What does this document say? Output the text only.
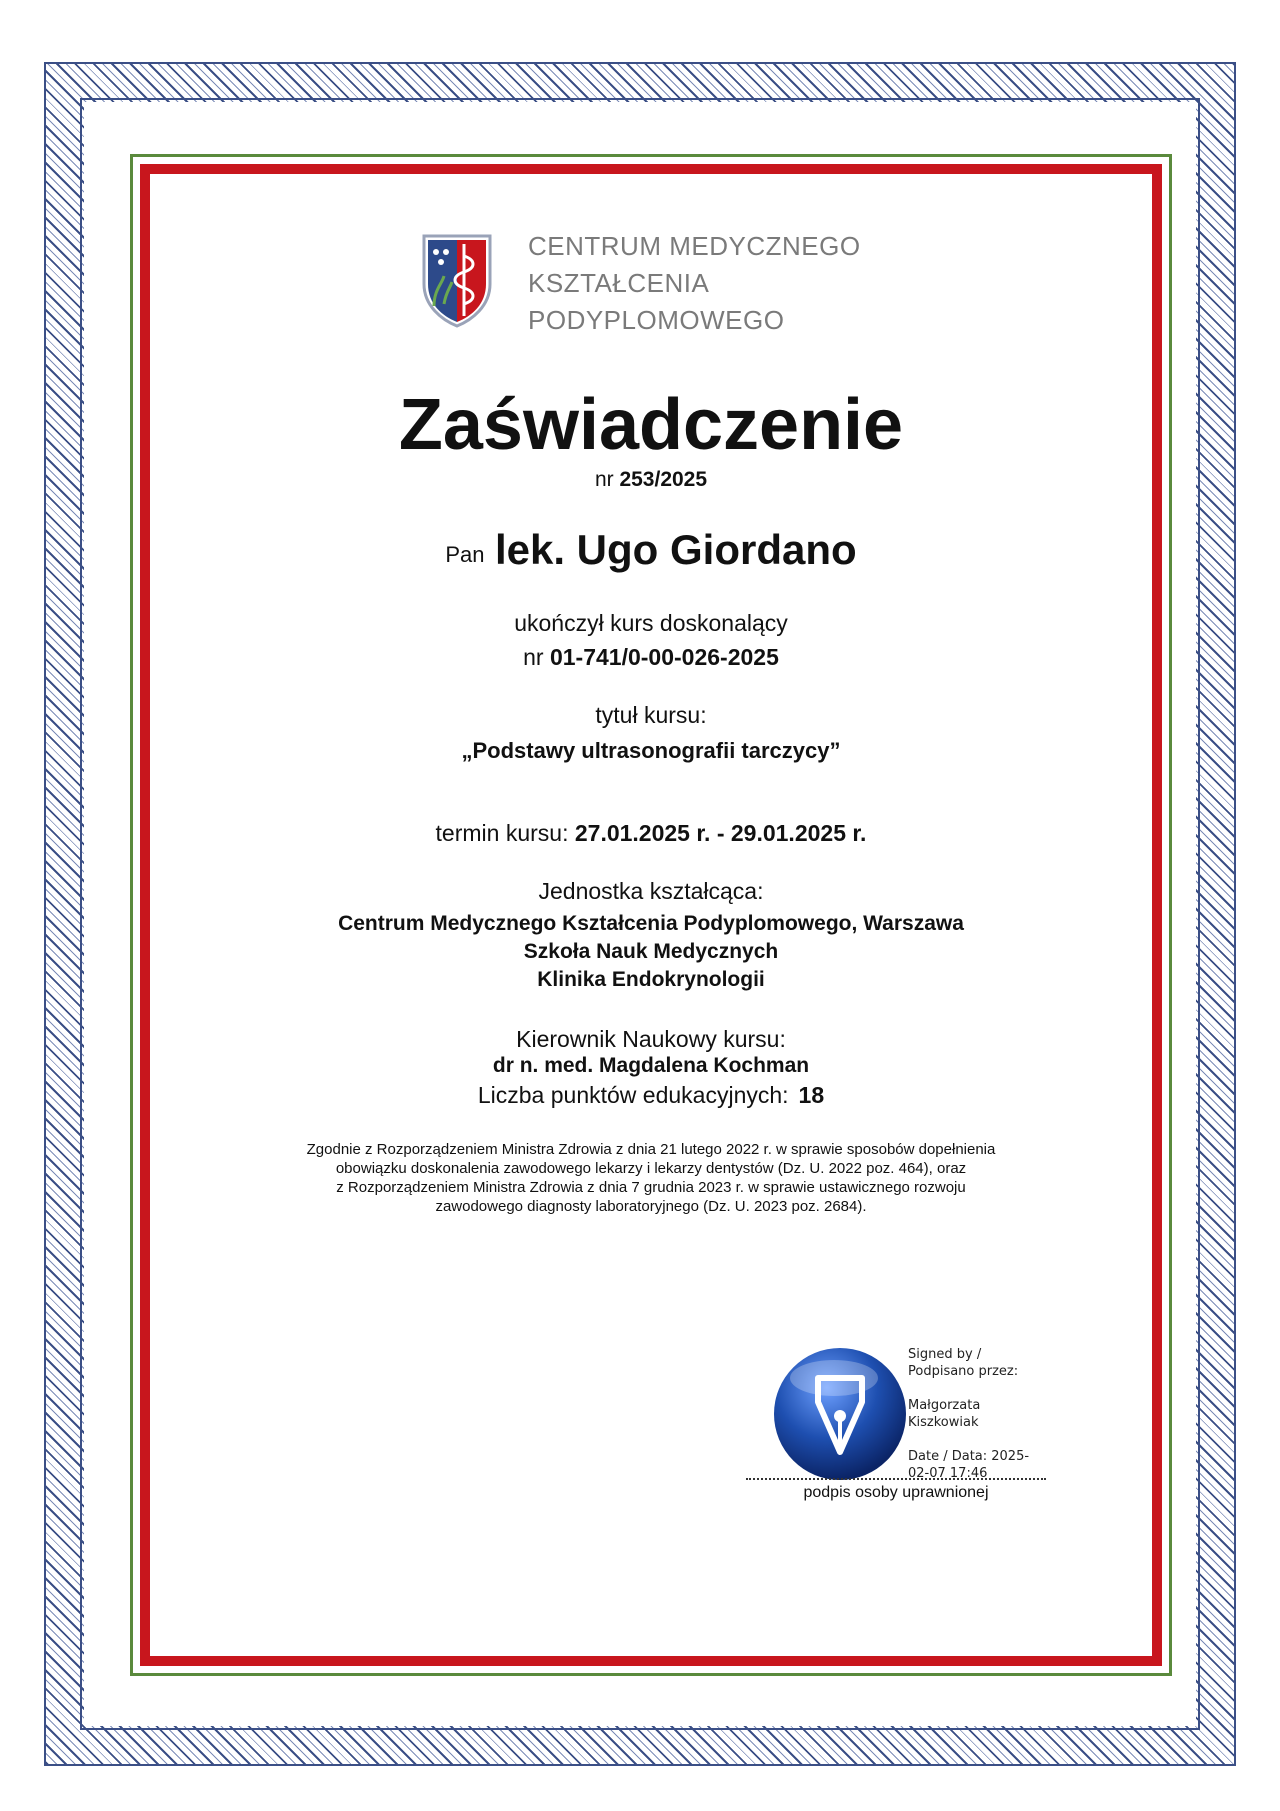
CENTRUM MEDYCZNEGO
KSZTAŁCENIA
PODYPLOMOWEGO
Zaświadczenie
nr 253/2025
Pan lek. Ugo Giordano
ukończył kurs doskonalący
nr 01-741/0-00-026-2025
tytuł kursu:
„Podstawy ultrasonografii tarczycy”
termin kursu: 27.01.2025 r. - 29.01.2025 r.
Jednostka kształcąca:
Centrum Medycznego Kształcenia Podyplomowego, Warszawa
Szkoła Nauk Medycznych
Klinika Endokrynologii
Kierownik Naukowy kursu:
dr n. med. Magdalena Kochman
Liczba punktów edukacyjnych: 18
Zgodnie z Rozporządzeniem Ministra Zdrowia z dnia 21 lutego 2022 r. w sprawie sposobów dopełnienia
obowiązku doskonalenia zawodowego lekarzy i lekarzy dentystów (Dz. U. 2022 poz. 464), oraz
z Rozporządzeniem Ministra Zdrowia z dnia 7 grudnia 2023 r. w sprawie ustawicznego rozwoju
zawodowego diagnosty laboratoryjnego (Dz. U. 2023 poz. 2684).
Signed by /
Podpisano przez:
Małgorzata
Kiszkowiak
Date / Data: 2025-
02-07 17:46
podpis osoby uprawnionej
